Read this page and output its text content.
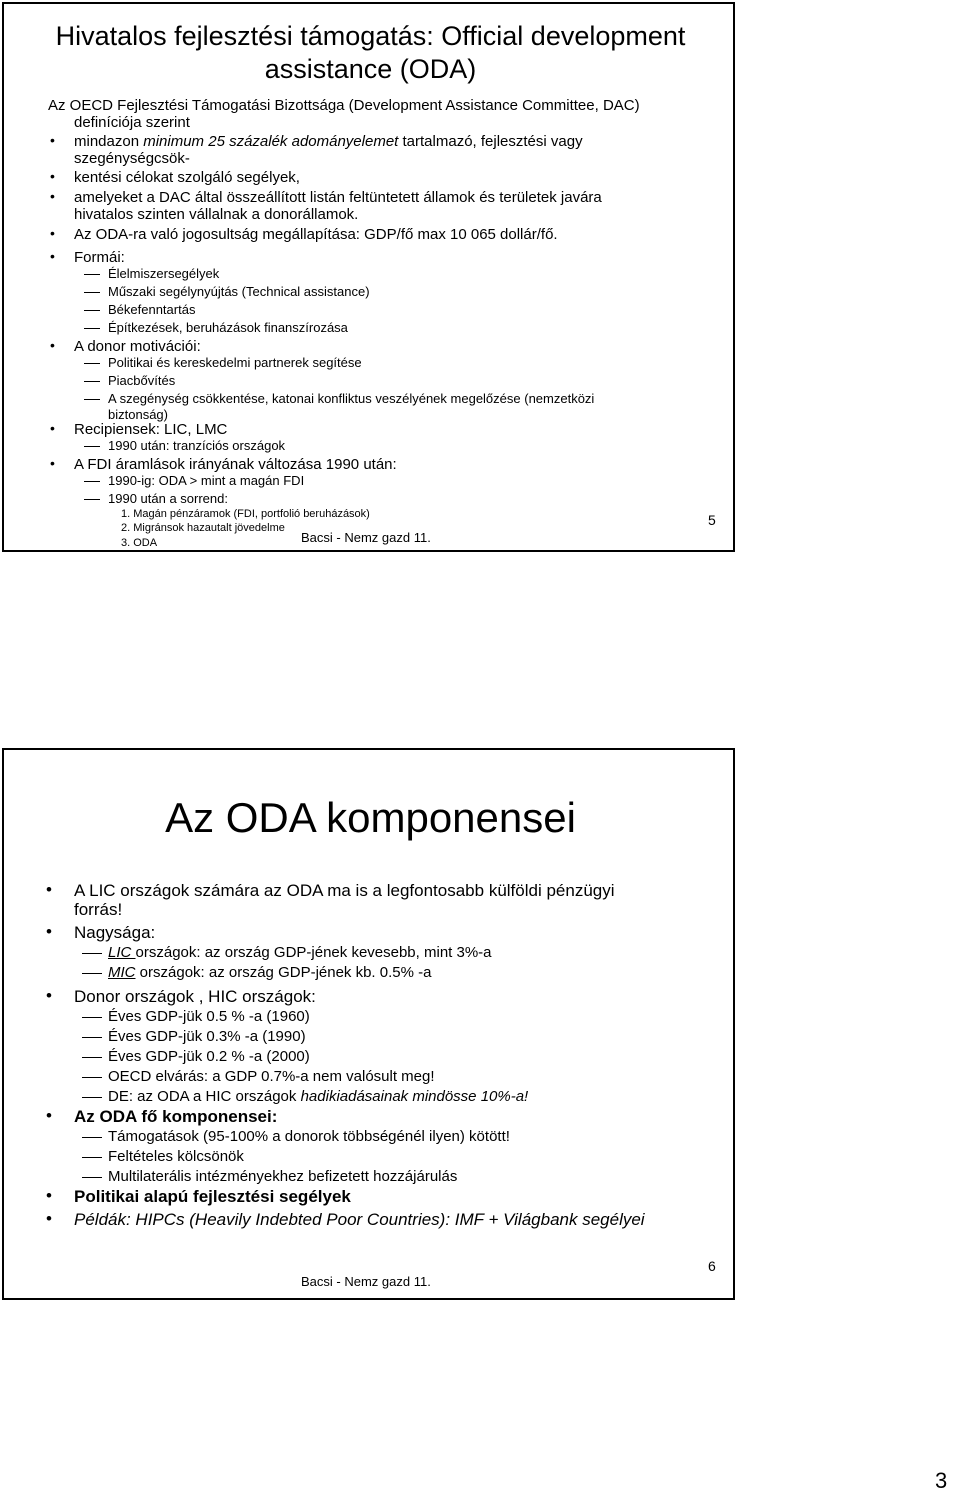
Hivatalos fejlesztési támogatás: Official development assistance (ODA)
Az OECD Fejlesztési Támogatási Bizottsága (Development Assistance Committee, DAC)
definíciója szerint
• mindazon minimum 25 százalék adományelemet tartalmazó, fejlesztési vagy
szegénységcsök-
• kentési célokat szolgáló segélyek,
• amelyeket a DAC által összeállított listán feltüntetett államok és területek javára
hivatalos szinten vállalnak a donorállamok.
• Az ODA-ra való jogosultság megállapítása: GDP/fő max 10 065 dollár/fő.
• Formái:
Élelmiszersegélyek
Műszaki segélynyújtás (Technical assistance)
Békefenntartás
Építkezések, beruházások finanszírozása
• A donor motivációi:
Politikai és kereskedelmi partnerek segítése
Piacbővítés
A szegénység csökkentése, katonai konfliktus veszélyének megelőzése (nemzetközi
biztonság)
• Recipiensek: LIC, LMC
1990 után: tranzíciós országok
• A FDI áramlások irányának változása 1990 után:
1990-ig: ODA > mint a magán FDI
1990 után a sorrend:
1. Magán pénzáramok (FDI, portfolió beruházások)
2. Migránsok hazautalt jövedelme
3. ODA	Bacsi - Nemz gazd 11.
5
Az ODA komponensei
• A LIC országok számára az ODA ma is a legfontosabb külföldi pénzügyi
forrás!
• Nagysága:
LIC országok: az ország GDP-jének kevesebb, mint 3%-a
MIC országok: az ország GDP-jének kb. 0.5% -a
• Donor országok , HIC országok:
Éves GDP-jük 0.5 % -a (1960)
Éves GDP-jük 0.3% -a (1990)
Éves GDP-jük 0.2 % -a (2000)
OECD elvárás: a GDP 0.7%-a nem valósult meg!
DE: az ODA a HIC országok hadikiadásainak mindösse 10%-a!
• Az ODA fő komponensei:
Támogatások (95-100% a donorok többségénél ilyen) kötött!
Feltételes kölcsönök
Multilaterális intézményekhez befizetett hozzájárulás
• Politikai alapú fejlesztési segélyek
• Példák: HIPCs (Heavily Indebted Poor Countries): IMF + Világbank segélyei
Bacsi - Nemz gazd 11.
6
3
